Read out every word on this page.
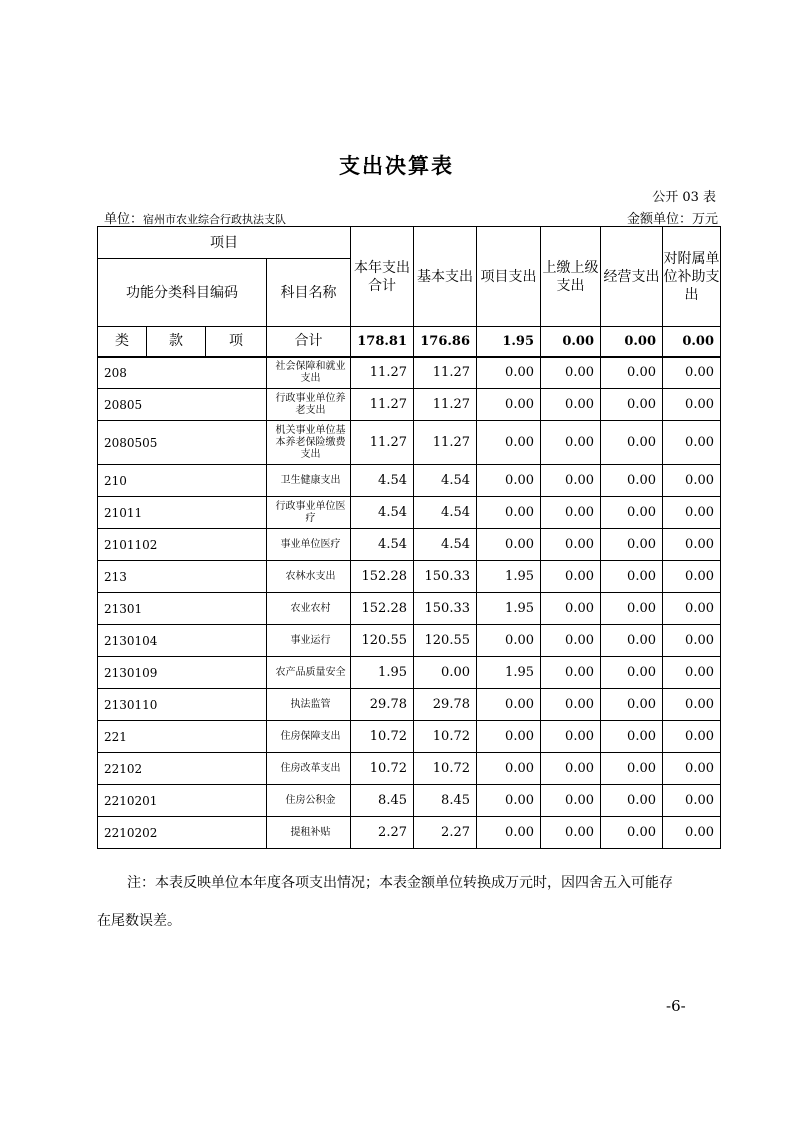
支出决算表
公开 03 表
单位：宿州市农业综合行政执法支队	金额单位：万元
项目				本年支出合计	基本支出	项目支出	上缴上级支出	经营支出	对附属单位补助支出
功能分类科目编码			科目名称						
类	款	项	合计	178.81	176.86	1.95	0.00	0.00	0.00
208			社会保障和就业支出	11.27	11.27	0.00	0.00	0.00	0.00
20805			行政事业单位养老支出	11.27	11.27	0.00	0.00	0.00	0.00
2080505			机关事业单位基本养老保险缴费支出	11.27	11.27	0.00	0.00	0.00	0.00
210			卫生健康支出	4.54	4.54	0.00	0.00	0.00	0.00
21011			行政事业单位医疗	4.54	4.54	0.00	0.00	0.00	0.00
2101102			事业单位医疗	4.54	4.54	0.00	0.00	0.00	0.00
213			农林水支出	152.28	150.33	1.95	0.00	0.00	0.00
21301			农业农村	152.28	150.33	1.95	0.00	0.00	0.00
2130104			事业运行	120.55	120.55	0.00	0.00	0.00	0.00
2130109			农产品质量安全	1.95	0.00	1.95	0.00	0.00	0.00
2130110			执法监管	29.78	29.78	0.00	0.00	0.00	0.00
221			住房保障支出	10.72	10.72	0.00	0.00	0.00	0.00
22102			住房改革支出	10.72	10.72	0.00	0.00	0.00	0.00
2210201			住房公积金	8.45	8.45	0.00	0.00	0.00	0.00
2210202			提租补贴	2.27	2.27	0.00	0.00	0.00	0.00
注：本表反映单位本年度各项支出情况；本表金额单位转换成万元时，因四舍五入可能存
在尾数误差。
-6-
